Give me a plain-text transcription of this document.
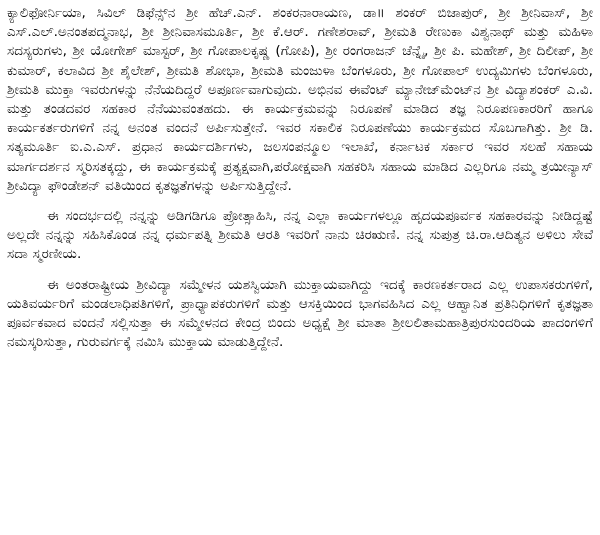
ಕ್ಯಾಲಿಫೋರ್ನಿಯಾ, ಸಿವಿಲ್ ಡಿಫೆನ್ಸ್‌ನ ಶ್ರೀ ಹೆಚ್.ಎನ್. ಶಂಕರನಾರಾಯಣ, ಡಾ॥ ಶಂಕರ್ ಬಿಜಾಪುರ್, ಶ್ರೀ ಶ್ರೀನಿವಾಸ್, ಶ್ರೀ ಎಸ್.ಎಲ್.ಅನಂತಪದ್ಮನಾಭ, ಶ್ರೀ ಶ್ರೀನಿವಾಸಮೂರ್ತಿ, ಶ್ರೀ ಕೆ.ಆರ್. ಗಣೇಶರಾವ್, ಶ್ರೀಮತಿ ರೇಣುಕಾ ವಿಶ್ವನಾಥ್ ಮತ್ತು ಮಹಿಳಾ ಸದಸ್ಯರುಗಳು, ಶ್ರೀ ಯೋಗೇಶ್ ಮಾಸ್ಟರ್, ಶ್ರೀ ಗೋಪಾಲಕೃಷ್ಣ (ಗೋಪಿ), ಶ್ರೀ ರಂಗರಾಜನ್ ಚೆನ್ನೈ, ಶ್ರೀ ಪಿ. ಮಹೇಶ್, ಶ್ರೀ ದಿಲೀಪ್, ಶ್ರೀ ಕುಮಾರ್, ಕಲಾವಿದ ಶ್ರೀ ಶೈಲೇಶ್, ಶ್ರೀಮತಿ ಶೋಭಾ, ಶ್ರೀಮತಿ ಮಂಜುಳಾ ಬೆಂಗಳೂರು, ಶ್ರೀ ಗೋಪಾಲ್ ಉದ್ಯಮಿಗಳು ಬೆಂಗಳೂರು, ಶ್ರೀಮತಿ ಮುಕ್ತಾ ಇವರುಗಳನ್ನು ನೆನೆಯದಿದ್ದರೆ ಅಪೂರ್ಣವಾಗುವುದು. ಅಭಿನವ ಈವೆಂಟ್ ಮ್ಯಾನೇಜ್‌ಮೆಂಟ್‌ನ ಶ್ರೀ ವಿದ್ಯಾಶಂಕರ್ ಎ.ವಿ. ಮತ್ತು ತಂಡದವರ ಸಹಕಾರ ನೆನೆಯುವಂತಹದು. ಈ ಕಾರ್ಯಕ್ರಮವನ್ನು ನಿರೂಪಣೆ ಮಾಡಿದ ತಜ್ಞ ನಿರೂಪಣಕಾರರಿಗೆ ಹಾಗೂ ಕಾರ್ಯಕರ್ತರುಗಳಿಗೆ ನನ್ನ ಅನಂತ ವಂದನೆ ಅರ್ಪಿಸುತ್ತೇನೆ. ಇವರ ಸಕಾಲಿಕ ನಿರೂಪಣೆಯು ಕಾರ್ಯಕ್ರಮದ ಸೊಬಗಾಗಿತ್ತು. ಶ್ರೀ ಡಿ. ಸತ್ಯಮೂರ್ತಿ ಐ.ಎ.ಎಸ್. ಪ್ರಧಾನ ಕಾರ್ಯದರ್ಶಿಗಳು, ಜಲಸಂಪನ್ಮೂಲ ಇಲಾಖೆ, ಕರ್ನಾಟಕ ಸರ್ಕಾರ ಇವರ ಸಲಹೆ ಸಹಾಯ ಮಾರ್ಗದರ್ಶನ ಸ್ಮರಿಸತಕ್ಕದ್ದು, ಈ ಕಾರ್ಯಕ್ರಮಕ್ಕೆ ಪ್ರತ್ಯಕ್ಷವಾಗಿ,ಪರೋಕ್ಷವಾಗಿ ಸಹಕರಿಸಿ ಸಹಾಯ ಮಾಡಿದ ಎಲ್ಲರಿಗೂ ನಮ್ಮ ತ್ರಯೀನ್ಯಾಸ್ ಶ್ರೀವಿದ್ಯಾ ಫೌಂಡೇಶನ್ ವತಿಯಿಂದ ಕೃತಜ್ಞತೆಗಳನ್ನು ಅರ್ಪಿಸುತ್ತಿದ್ದೇನೆ.

ಈ ಸಂದರ್ಭದಲ್ಲಿ ನನ್ನನ್ನು ಅಡಿಗಡಿಗೂ ಪ್ರೋತ್ಸಾಹಿಸಿ, ನನ್ನ ಎಲ್ಲಾ ಕಾರ್ಯಗಳಲ್ಲೂ ಹೃದಯಪೂರ್ವಕ ಸಹಕಾರವನ್ನು ನೀಡಿದ್ದಷ್ಟೆ ಅಲ್ಲದೇ ನನ್ನನ್ನು ಸಹಿಸಿಕೊಂಡ ನನ್ನ ಧರ್ಮಪತ್ನಿ ಶ್ರೀಮತಿ ಆರತಿ ಇವರಿಗೆ ನಾನು ಚಿರಋಣಿ. ನನ್ನ ಸುಪುತ್ರ ಚಿ.ರಾ.ಆದಿತ್ಯನ ಅಳಿಲು ಸೇವೆ ಸದಾ ಸ್ಮರಣೀಯ.

ಈ ಅಂತರಾಷ್ಟ್ರೀಯ ಶ್ರೀವಿದ್ಯಾ ಸಮ್ಮೇಳನ ಯಶಸ್ವಿಯಾಗಿ ಮುಕ್ತಾಯವಾಗಿದ್ದು ಇದಕ್ಕೆ ಕಾರಣಕರ್ತರಾದ ಎಲ್ಲ ಉಪಾಸಕರುಗಳಿಗೆ, ಯತಿವರ್ಯರಿಗೆ ಮಂಡಲಾಧಿಪತಿಗಳಿಗೆ, ಪ್ರಾಧ್ಯಾಪಕರುಗಳಿಗೆ ಮತ್ತು ಆಸಕ್ತಿಯಿಂದ ಭಾಗವಹಿಸಿದ ಎಲ್ಲ ಆಹ್ವಾನಿತ ಪ್ರತಿನಿಧಿಗಳಿಗೆ ಕೃತಜ್ಞತಾ ಪೂರ್ವಕವಾದ ವಂದನೆ ಸಲ್ಲಿಸುತ್ತಾ ಈ ಸಮ್ಮೇಳನದ ಕೇಂದ್ರ ಬಿಂದು ಅಧ್ಯಕ್ಷೆ ಶ್ರೀ ಮಾತಾ ಶ್ರೀಲಲಿತಾಮಹಾತ್ರಿಪುರಸುಂದರಿಯ ಪಾದಂಗಳಿಗೆ ನಮಸ್ಕರಿಸುತ್ತಾ, ಗುರುವರ್ಗಕ್ಕೆ ನಮಿಸಿ ಮುಕ್ತಾಯ ಮಾಡುತ್ತಿದ್ದೇನೆ.
